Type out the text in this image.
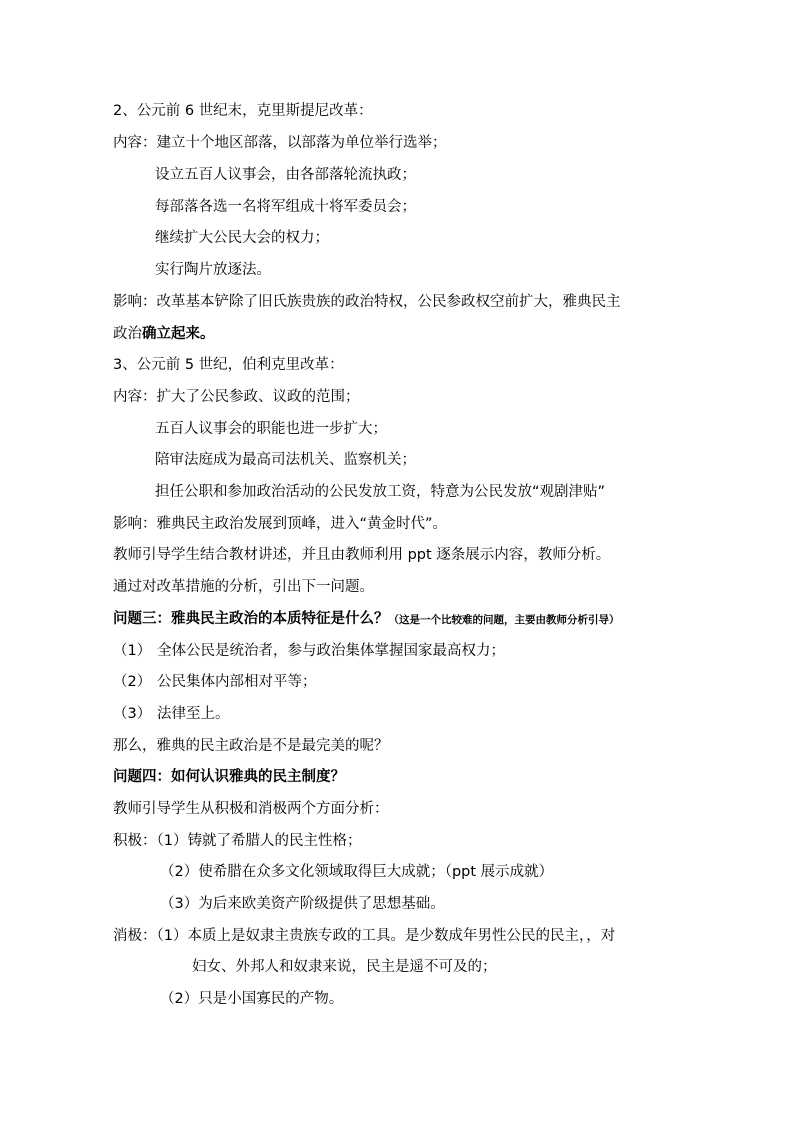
2、公元前 6 世纪末，克里斯提尼改革：
内容：建立十个地区部落，以部落为单位举行选举；
设立五百人议事会，由各部落轮流执政；
每部落各选一名将军组成十将军委员会；
继续扩大公民大会的权力；
实行陶片放逐法。
影响：改革基本铲除了旧氏族贵族的政治特权，公民参政权空前扩大，雅典民主
政治确立起来。
3、公元前 5 世纪，伯利克里改革：
内容：扩大了公民参政、议政的范围；
五百人议事会的职能也进一步扩大；
陪审法庭成为最高司法机关、监察机关；
担任公职和参加政治活动的公民发放工资，特意为公民发放“观剧津贴”
影响：雅典民主政治发展到顶峰，进入“黄金时代”。
教师引导学生结合教材讲述，并且由教师利用 ppt 逐条展示内容，教师分析。
通过对改革措施的分析，引出下一问题。
问题三：雅典民主政治的本质特征是什么？（这是一个比较难的问题，主要由教师分析引导）
（1） 全体公民是统治者，参与政治集体掌握国家最高权力；
（2） 公民集体内部相对平等；
（3） 法律至上。
那么，雅典的民主政治是不是最完美的呢？
问题四：如何认识雅典的民主制度？
教师引导学生从积极和消极两个方面分析：
积极：（1）铸就了希腊人的民主性格；
（2）使希腊在众多文化领域取得巨大成就；（ppt 展示成就）
（3）为后来欧美资产阶级提供了思想基础。
消极：（1）本质上是奴隶主贵族专政的工具。是少数成年男性公民的民主，，对
妇女、外邦人和奴隶来说，民主是遥不可及的；
（2）只是小国寡民的产物。
